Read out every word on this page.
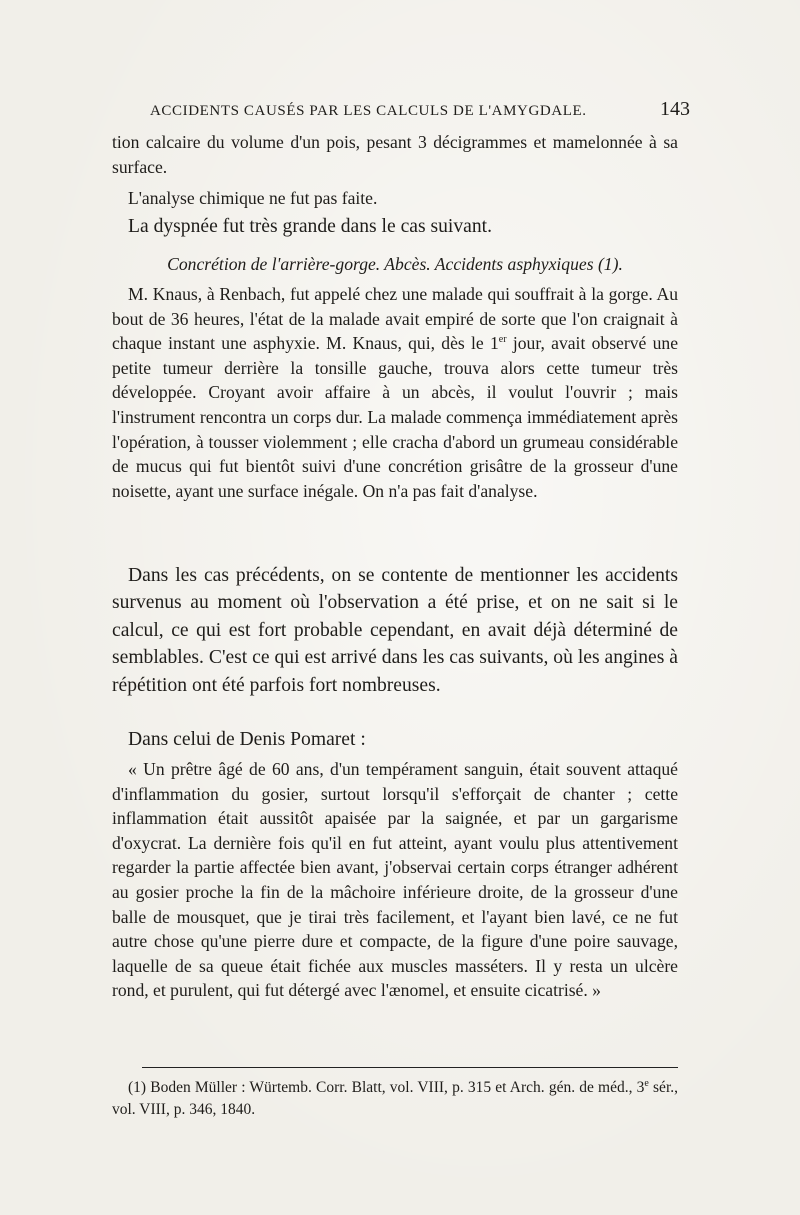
ACCIDENTS CAUSÉS PAR LES CALCULS DE L'AMYGDALE.	143

tion calcaire du volume d'un pois, pesant 3 décigrammes et mamelonnée à sa surface.

L'analyse chimique ne fut pas faite.

La dyspnée fut très grande dans le cas suivant.

Concrétion de l'arrière-gorge. Abcès. Accidents asphyxiques (1).

M. Knaus, à Renbach, fut appelé chez une malade qui souffrait à la gorge. Au bout de 36 heures, l'état de la malade avait empiré de sorte que l'on craignait à chaque instant une asphyxie. M. Knaus, qui, dès le 1er jour, avait observé une petite tumeur derrière la tonsille gauche, trouva alors cette tumeur très développée. Croyant avoir affaire à un abcès, il voulut l'ouvrir ; mais l'instrument rencontra un corps dur. La malade commença immédiatement après l'opération, à tousser violemment ; elle cracha d'abord un grumeau considérable de mucus qui fut bientôt suivi d'une concrétion grisâtre de la grosseur d'une noisette, ayant une surface inégale. On n'a pas fait d'analyse.

Dans les cas précédents, on se contente de mentionner les accidents survenus au moment où l'observation a été prise, et on ne sait si le calcul, ce qui est fort probable cependant, en avait déjà déterminé de semblables. C'est ce qui est arrivé dans les cas suivants, où les angines à répétition ont été parfois fort nombreuses.

Dans celui de Denis Pomaret :

« Un prêtre âgé de 60 ans, d'un tempérament sanguin, était souvent attaqué d'inflammation du gosier, surtout lorsqu'il s'efforçait de chanter ; cette inflammation était aussitôt apaisée par la saignée, et par un gargarisme d'oxycrat. La dernière fois qu'il en fut atteint, ayant voulu plus attentivement regarder la partie affectée bien avant, j'observai certain corps étranger adhérent au gosier proche la fin de la mâchoire inférieure droite, de la grosseur d'une balle de mousquet, que je tirai très facilement, et l'ayant bien lavé, ce ne fut autre chose qu'une pierre dure et compacte, de la figure d'une poire sauvage, laquelle de sa queue était fichée aux muscles masséters. Il y resta un ulcère rond, et purulent, qui fut détergé avec l'ænomel, et ensuite cicatrisé. »

(1) Boden Müller : Würtemb. Corr. Blatt, vol. VIII, p. 315 et Arch. gén. de méd., 3e sér., vol. VIII, p. 346, 1840.
